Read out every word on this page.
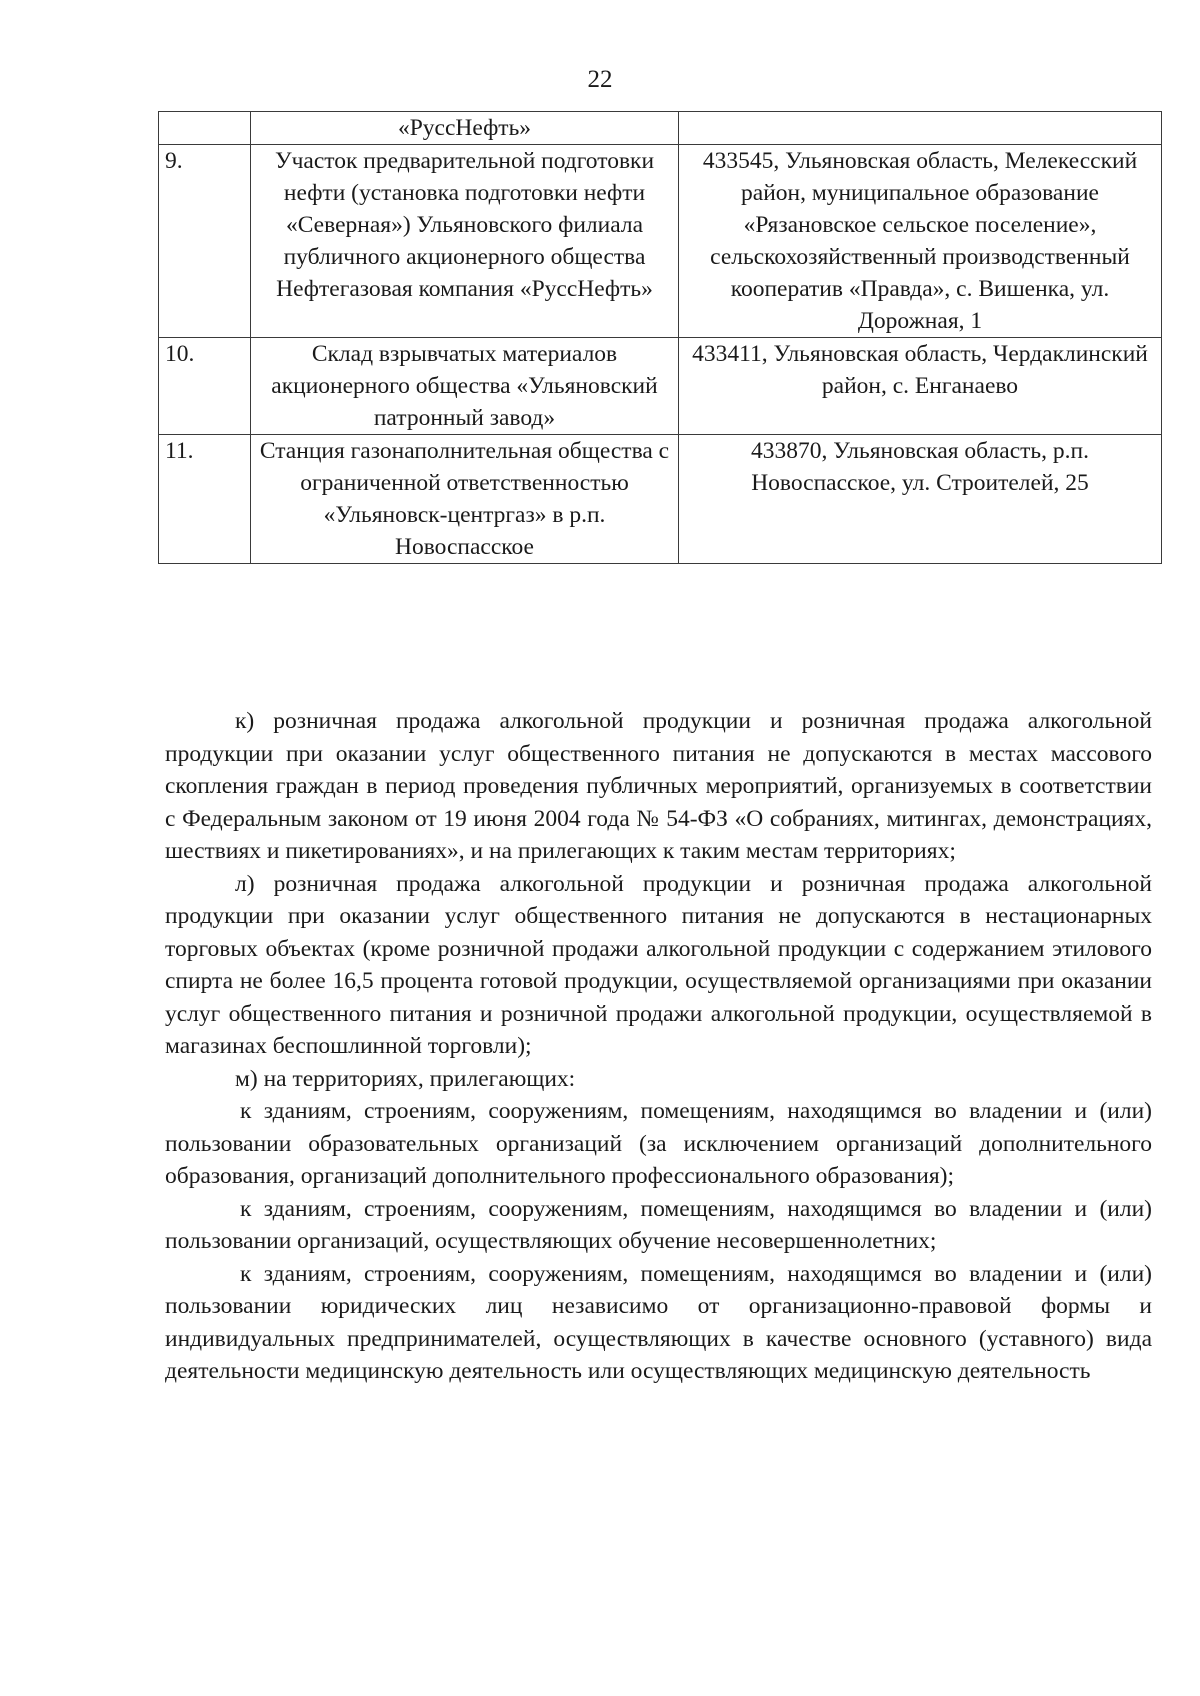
22
	«РуссНефть»	
9.	Участок предварительной подготовки нефти (установка подготовки нефти «Северная») Ульяновского филиала публичного акционерного общества Нефтегазовая компания «РуссНефть»	433545, Ульяновская область, Мелекесский район, муниципальное образование «Рязановское сельское поселение», сельскохозяйственный производственный кооператив «Правда», с. Вишенка, ул. Дорожная, 1
10.	Склад взрывчатых материалов акционерного общества «Ульяновский патронный завод»	433411, Ульяновская область, Чердаклинский район, с. Енганаево
11.	Станция газонаполнительная общества с ограниченной ответственностью «Ульяновск-центргаз» в р.п. Новоспасское	433870, Ульяновская область, р.п. Новоспасское, ул. Строителей, 25

к) розничная продажа алкогольной продукции и розничная продажа алкогольной продукции при оказании услуг общественного питания не допускаются в местах массового скопления граждан в период проведения публичных мероприятий, организуемых в соответствии с Федеральным законом от 19 июня 2004 года № 54-ФЗ «О собраниях, митингах, демонстрациях, шествиях и пикетированиях», и на прилегающих к таким местам территориях;

л) розничная продажа алкогольной продукции и розничная продажа алкогольной продукции при оказании услуг общественного питания не допускаются в нестационарных торговых объектах (кроме розничной продажи алкогольной продукции с содержанием этилового спирта не более 16,5 процента готовой продукции, осуществляемой организациями при оказании услуг общественного питания и розничной продажи алкогольной продукции, осуществляемой в магазинах беспошлинной торговли);

м) на территориях, прилегающих:

к зданиям, строениям, сооружениям, помещениям, находящимся во владении и (или) пользовании образовательных организаций (за исключением организаций дополнительного образования, организаций дополнительного профессионального образования);

к зданиям, строениям, сооружениям, помещениям, находящимся во владении и (или) пользовании организаций, осуществляющих обучение несовершеннолетних;

к зданиям, строениям, сооружениям, помещениям, находящимся во владении и (или) пользовании юридических лиц независимо от организационно-правовой формы и индивидуальных предпринимателей, осуществляющих в качестве основного (уставного) вида деятельности медицинскую деятельность или осуществляющих медицинскую деятельность
